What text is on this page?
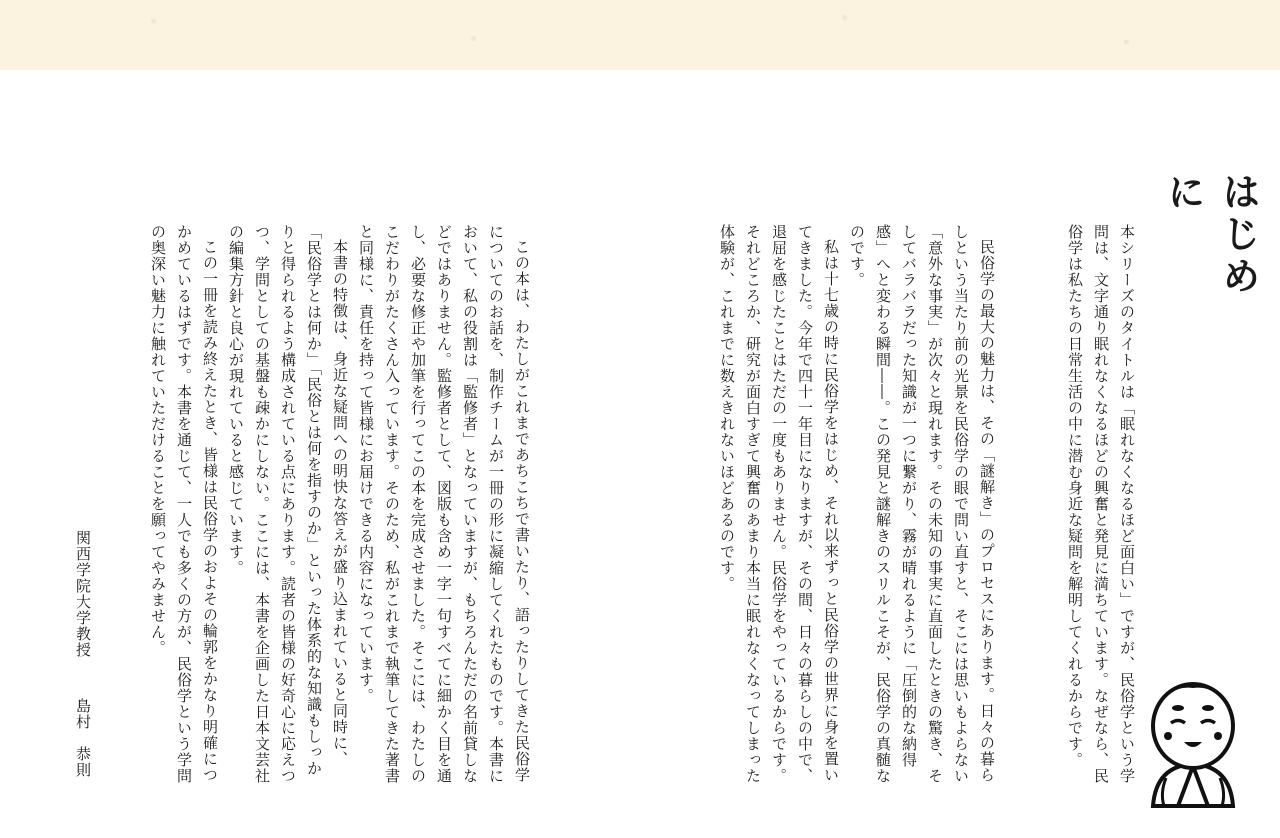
はじめに

本シリーズのタイトルは「眠れなくなるほど面白い」ですが、民俗学という学問は、文字通り眠れなくなるほどの興奮と発見に満ちています。なぜなら、民俗学は私たちの日常生活の中に潜む身近な疑問を解明してくれるからです。

民俗学の最大の魅力は、その「謎解き」のプロセスにあります。日々の暮らしという当たり前の光景を民俗学の眼で問い直すと、そこには思いもよらない「意外な事実」が次々と現れます。その未知の事実に直面したときの驚き、そしてバラバラだった知識が一つに繋がり、霧が晴れるように「圧倒的な納得感」へと変わる瞬間――。この発見と謎解きのスリルこそが、民俗学の真髄なのです。

私は十七歳の時に民俗学をはじめ、それ以来ずっと民俗学の世界に身を置いてきました。今年で四十一年目になりますが、その間、日々の暮らしの中で、退屈を感じたことはただの一度もありません。民俗学をやっているからです。それどころか、研究が面白すぎて興奮のあまり本当に眠れなくなってしまった体験が、これまでに数えきれないほどあるのです。

この本は、わたしがこれまであちこちで書いたり、語ったりしてきた民俗学についてのお話を、制作チームが一冊の形に凝縮してくれたものです。本書において、私の役割は「監修者」となっていますが、もちろんただの名前貸しなどではありません。監修者として、図版も含め一字一句すべてに細かく目を通し、必要な修正や加筆を行ってこの本を完成させました。そこには、わたしのこだわりがたくさん入っています。そのため、私がこれまで執筆してきた著書と同様に、責任を持って皆様にお届けできる内容になっています。

本書の特徴は、身近な疑問への明快な答えが盛り込まれていると同時に、「民俗学とは何か」「民俗とは何を指すのか」といった体系的な知識もしっかりと得られるよう構成されている点にあります。読者の皆様の好奇心に応えつつ、学問としての基盤も疎かにしない。ここには、本書を企画した日本文芸社の編集方針と良心が現れていると感じています。

この一冊を読み終えたとき、皆様は民俗学のおよその輪郭をかなり明確につかめているはずです。本書を通じて、一人でも多くの方が、民俗学という学問の奥深い魅力に触れていただけることを願ってやみません。

関西学院大学教授 島村　恭則
